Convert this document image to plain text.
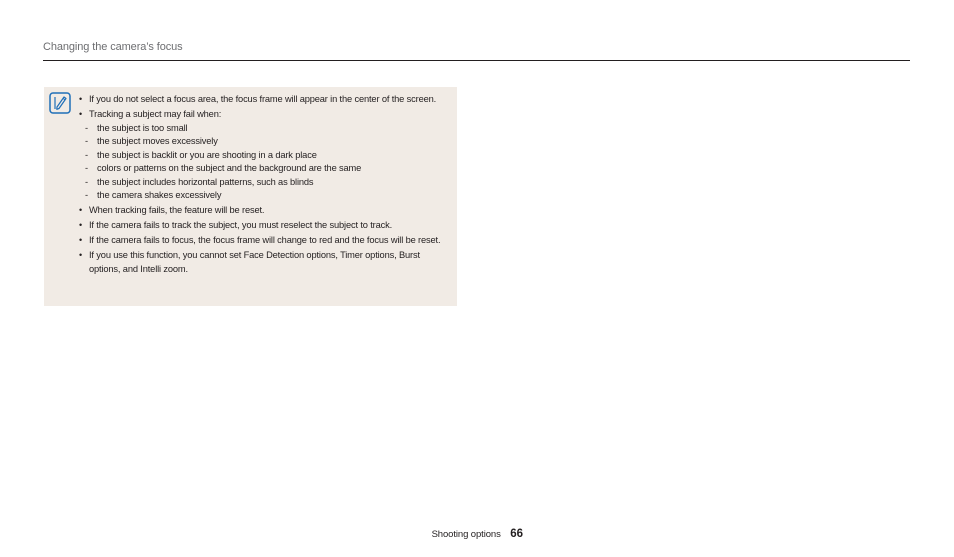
Changing the camera’s focus
• If you do not select a focus area, the focus frame will appear in the center of the screen.
• Tracking a subject may fail when:
- the subject is too small
- the subject moves excessively
- the subject is backlit or you are shooting in a dark place
- colors or patterns on the subject and the background are the same
- the subject includes horizontal patterns, such as blinds
- the camera shakes excessively
• When tracking fails, the feature will be reset.
• If the camera fails to track the subject, you must reselect the subject to track.
• If the camera fails to focus, the focus frame will change to red and the focus will be reset.
• If you use this function, you cannot set Face Detection options, Timer options, Burst options, and Intelli zoom.
Shooting options 66
